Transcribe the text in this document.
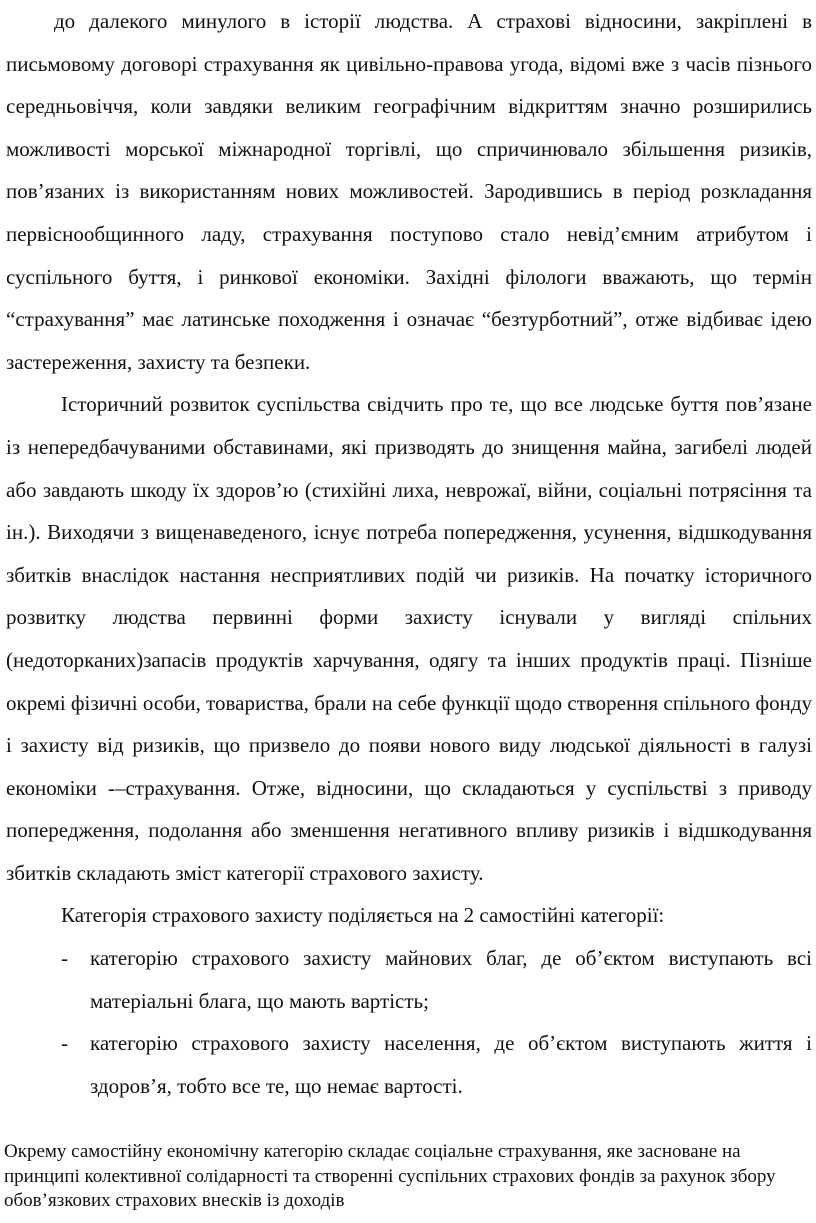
до далекого минулого в історії людства. А страхові відносини, закріплені в письмовому договорі страхування як цивільно-правова угода, відомі вже з часів пізнього середньовіччя, коли завдяки великим географічним відкриттям значно розширились можливості морської міжнародної торгівлі, що спричинювало збільшення ризиків, пов’язаних із використанням нових можливостей. Зародившись в період розкладання первіснообщинного ладу, страхування поступово стало невід’ємним атрибутом і суспільного буття, і ринкової економіки. Західні філологи вважають, що термін “страхування” має латинське походження і означає “безтурботний”, отже відбиває ідею застереження, захисту та безпеки.

Історичний розвиток суспільства свідчить про те, що все людське буття пов’язане із непередбачуваними обставинами, які призводять до знищення майна, загибелі людей або завдають шкоду їх здоров’ю (стихійні лиха, неврожаї, війни, соціальні потрясіння та ін.). Виходячи з вищенаведеного, існує потреба попередження, усунення, відшкодування збитків внаслідок настання несприятливих подій чи ризиків. На початку історичного розвитку людства первинні форми захисту існували у вигляді спільних (недоторканих)запасів продуктів харчування, одягу та інших продуктів праці. Пізніше окремі фізичні особи, товариства, брали на себе функції щодо створення спільного фонду і захисту від ризиків, що призвело до появи нового виду людської діяльності в галузі економіки -–страхування. Отже, відносини, що складаються у суспільстві з приводу попередження, подолання або зменшення негативного впливу ризиків і відшкодування збитків складають зміст категорії страхового захисту.

Категорія страхового захисту поділяється на 2 самостійні категорії:

- категорію страхового захисту майнових благ, де об’єктом виступають всі матеріальні блага, що мають вартість;
- категорію страхового захисту населення, де об’єктом виступають життя і здоров’я, тобто все те, що немає вартості.

Окрему самостійну економічну категорію складає соціальне страхування, яке засноване на принципі колективної солідарності та створенні суспільних страхових фондів за рахунок збору обов’язкових страхових внесків із доходів
